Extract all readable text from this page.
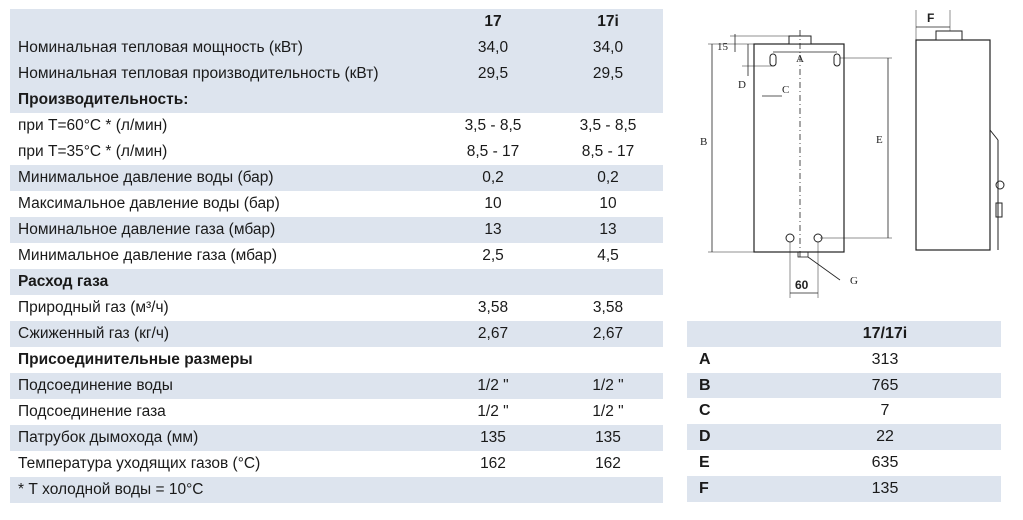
	17	17i
Номинальная тепловая мощность (кВт)	34,0	34,0
Номинальная тепловая производительность (кВт)	29,5	29,5
Производительность:		
при Т=60°С * (л/мин)	3,5 - 8,5	3,5 - 8,5
при Т=35°С * (л/мин)	8,5 - 17	8,5 - 17
Минимальное давление воды (бар)	0,2	0,2
Максимальное давление воды (бар)	10	10
Номинальное давление газа (мбар)	13	13
Минимальное давление газа (мбар)	2,5	4,5
Расход газа		
Природный газ (м³/ч)	3,58	3,58
Сжиженный газ (кг/ч)	2,67	2,67
Присоединительные размеры		
Подсоединение воды	1/2 "	1/2 "
Подсоединение газа	1/2 "	1/2 "
Патрубок дымохода (мм)	135	135
Температура уходящих газов (°С)	162	162
* Т холодной воды = 10°С		
A
B
15
D	C
E
G
60
F
	17/17i
A	313
B	765
C	7
D	22
E	635
F	135
